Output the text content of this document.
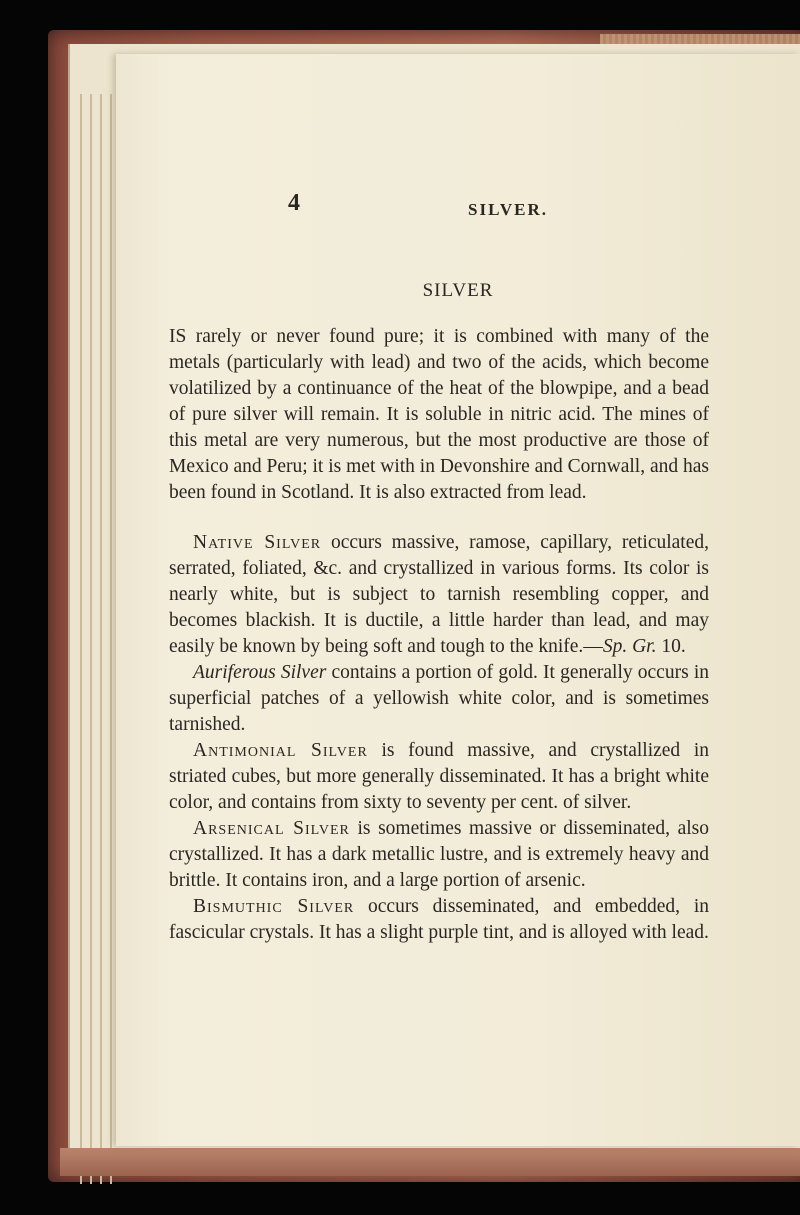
4	SILVER.
SILVER

IS rarely or never found pure; it is combined with many of the metals (particularly with lead) and two of the acids, which become volatilized by a continuance of the heat of the blowpipe, and a bead of pure silver will remain. It is soluble in nitric acid. The mines of this metal are very numerous, but the most productive are those of Mexico and Peru; it is met with in Devonshire and Cornwall, and has been found in Scotland. It is also extracted from lead.

Native Silver occurs massive, ramose, capillary, reticulated, serrated, foliated, &c. and crystallized in various forms. Its color is nearly white, but is subject to tarnish resembling copper, and becomes blackish. It is ductile, a little harder than lead, and may easily be known by being soft and tough to the knife.—Sp. Gr. 10.

Auriferous Silver contains a portion of gold. It generally occurs in superficial patches of a yellowish white color, and is sometimes tarnished.

Antimonial Silver is found massive, and crystallized in striated cubes, but more generally disseminated. It has a bright white color, and contains from sixty to seventy per cent. of silver.

Arsenical Silver is sometimes massive or disseminated, also crystallized. It has a dark metallic lustre, and is extremely heavy and brittle. It contains iron, and a large portion of arsenic.

Bismuthic Silver occurs disseminated, and embedded, in fascicular crystals. It has a slight purple tint, and is alloyed with lead.
